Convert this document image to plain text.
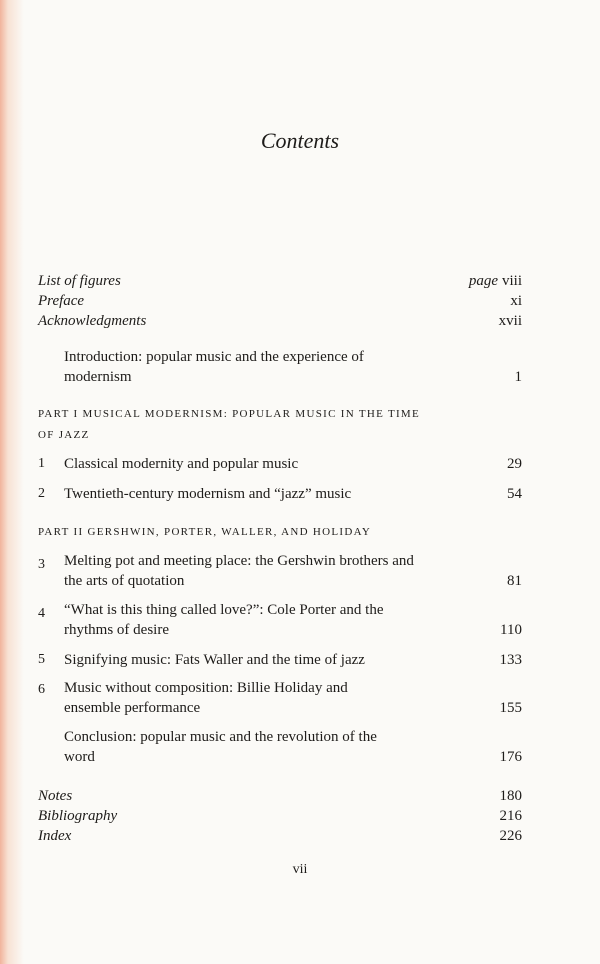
Contents
List of figures	page viii
Preface	xi
Acknowledgments	xvii
Introduction: popular music and the experience of modernism	1
PART I MUSICAL MODERNISM: POPULAR MUSIC IN THE TIME OF JAZZ
1	Classical modernity and popular music	29
2	Twentieth-century modernism and “jazz” music	54
PART II GERSHWIN, PORTER, WALLER, AND HOLIDAY
3	Melting pot and meeting place: the Gershwin brothers and the arts of quotation	81
4	“What is this thing called love?”: Cole Porter and the rhythms of desire	110
5	Signifying music: Fats Waller and the time of jazz	133
6	Music without composition: Billie Holiday and ensemble performance	155
Conclusion: popular music and the revolution of the word	176
Notes	180
Bibliography	216
Index	226
vii
